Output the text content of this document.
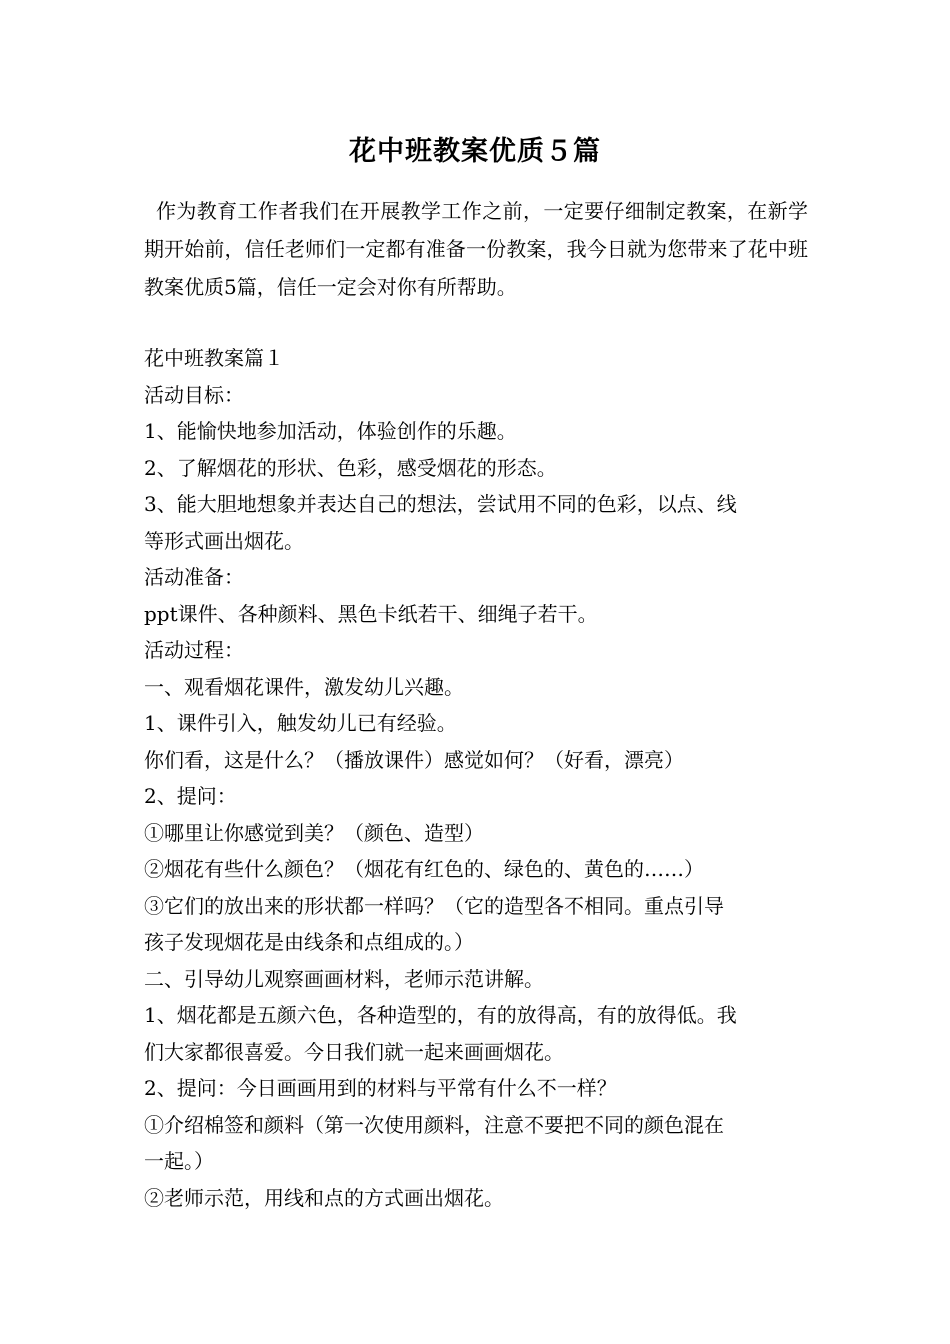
花中班教案优质５篇
作为教育工作者我们在开展教学工作之前，一定要仔细制定教案，在新学期开始前，信任老师们一定都有准备一份教案，我今日就为您带来了花中班教案优质5篇，信任一定会对你有所帮助。

花中班教案篇１

活动目标：

1、能愉快地参加活动，体验创作的乐趣。

2、了解烟花的形状、色彩，感受烟花的形态。

3、能大胆地想象并表达自己的想法，尝试用不同的色彩，以点、线

等形式画出烟花。

活动准备：

ppt课件、各种颜料、黑色卡纸若干、细绳子若干。

活动过程：

一、观看烟花课件，激发幼儿兴趣。

1、课件引入，触发幼儿已有经验。

你们看，这是什么？（播放课件）感觉如何？（好看，漂亮）

2、提问：

①哪里让你感觉到美？（颜色、造型）

②烟花有些什么颜色？（烟花有红色的、绿色的、黄色的……）

③它们的放出来的形状都一样吗？（它的造型各不相同。重点引导

孩子发现烟花是由线条和点组成的。）

二、引导幼儿观察画画材料，老师示范讲解。

1、烟花都是五颜六色，各种造型的，有的放得高，有的放得低。我

们大家都很喜爱。今日我们就一起来画画烟花。

2、提问：今日画画用到的材料与平常有什么不一样？

①介绍棉签和颜料（第一次使用颜料，注意不要把不同的颜色混在

一起。）

②老师示范，用线和点的方式画出烟花。
